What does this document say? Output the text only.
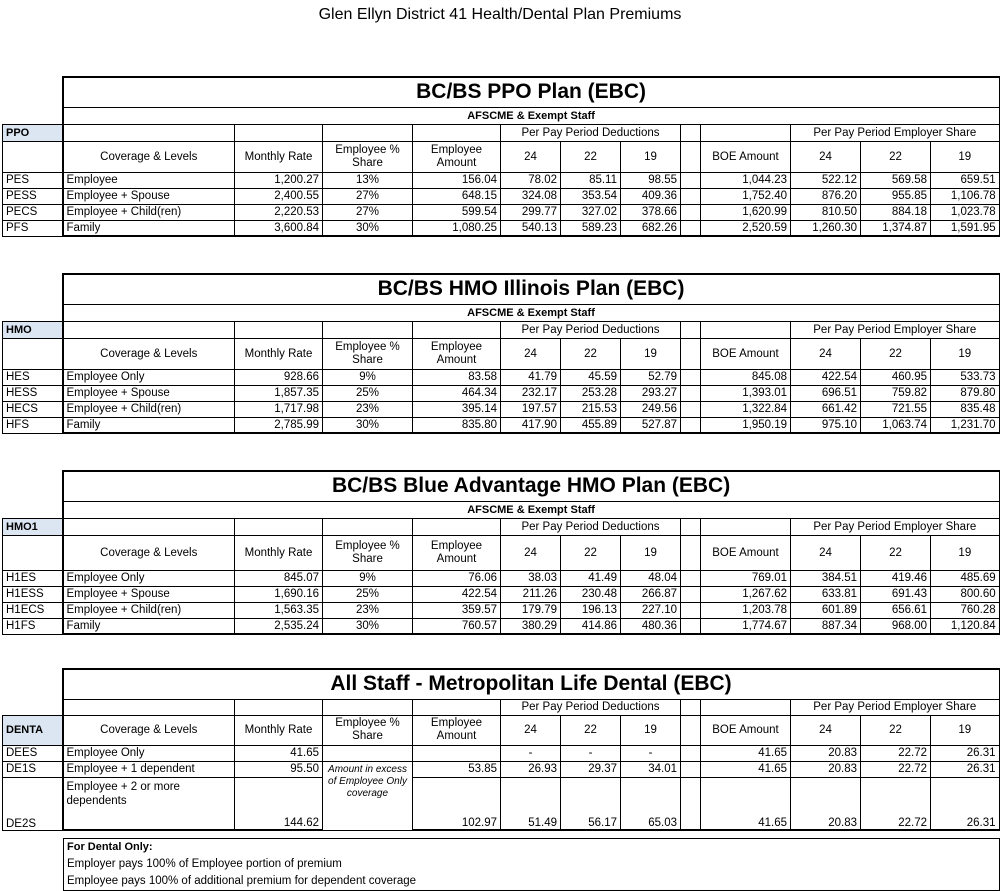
Glen Ellyn District 41 Health/Dental Plan Premiums
	BC/BS PPO Plan (EBC)											
	AFSCME & Exempt Staff											
PPO					Per Pay Period Deductions					Per Pay Period Employer Share		
	Coverage & Levels	Monthly Rate	Employee % Share	Employee Amount	24	22	19		BOE Amount	24	22	19
PES	Employee	1,200.27	13%	156.04	78.02	85.11	98.55		1,044.23	522.12	569.58	659.51
PESS	Employee + Spouse	2,400.55	27%	648.15	324.08	353.54	409.36		1,752.40	876.20	955.85	1,106.78
PECS	Employee + Child(ren)	2,220.53	27%	599.54	299.77	327.02	378.66		1,620.99	810.50	884.18	1,023.78
PFS	Family	3,600.84	30%	1,080.25	540.13	589.23	682.26		2,520.59	1,260.30	1,374.87	1,591.95
	BC/BS HMO Illinois Plan (EBC)											
	AFSCME & Exempt Staff											
HMO					Per Pay Period Deductions					Per Pay Period Employer Share		
	Coverage & Levels	Monthly Rate	Employee % Share	Employee Amount	24	22	19		BOE Amount	24	22	19
HES	Employee Only	928.66	9%	83.58	41.79	45.59	52.79		845.08	422.54	460.95	533.73
HESS	Employee + Spouse	1,857.35	25%	464.34	232.17	253.28	293.27		1,393.01	696.51	759.82	879.80
HECS	Employee + Child(ren)	1,717.98	23%	395.14	197.57	215.53	249.56		1,322.84	661.42	721.55	835.48
HFS	Family	2,785.99	30%	835.80	417.90	455.89	527.87		1,950.19	975.10	1,063.74	1,231.70
	BC/BS Blue Advantage HMO Plan (EBC)											
	AFSCME & Exempt Staff											
HMO1					Per Pay Period Deductions					Per Pay Period Employer Share		
	Coverage & Levels	Monthly Rate	Employee % Share	Employee Amount	24	22	19		BOE Amount	24	22	19
H1ES	Employee Only	845.07	9%	76.06	38.03	41.49	48.04		769.01	384.51	419.46	485.69
H1ESS	Employee + Spouse	1,690.16	25%	422.54	211.26	230.48	266.87		1,267.62	633.81	691.43	800.60
H1ECS	Employee + Child(ren)	1,563.35	23%	359.57	179.79	196.13	227.10		1,203.78	601.89	656.61	760.28
H1FS	Family	2,535.24	30%	760.57	380.29	414.86	480.36		1,774.67	887.34	968.00	1,120.84
	All Staff - Metropolitan Life Dental (EBC)											
					Per Pay Period Deductions					Per Pay Period Employer Share		
DENTA	Coverage & Levels	Monthly Rate	Employee % Share	Employee Amount	24	22	19		BOE Amount	24	22	19
DEES	Employee Only	41.65			-	-	-		41.65	20.83	22.72	26.31
DE1S	Employee + 1 dependent	95.50	Amount in excess of Employee Only coverage	53.85	26.93	29.37	34.01		41.65	20.83	22.72	26.31
DE2S	Employee + 2 or more dependents	144.62		102.97	51.49	56.17	65.03		41.65	20.83	22.72	26.31
For Dental Only:
Employer pays 100% of Employee portion of premium
Employee pays 100% of additional premium for dependent coverage
